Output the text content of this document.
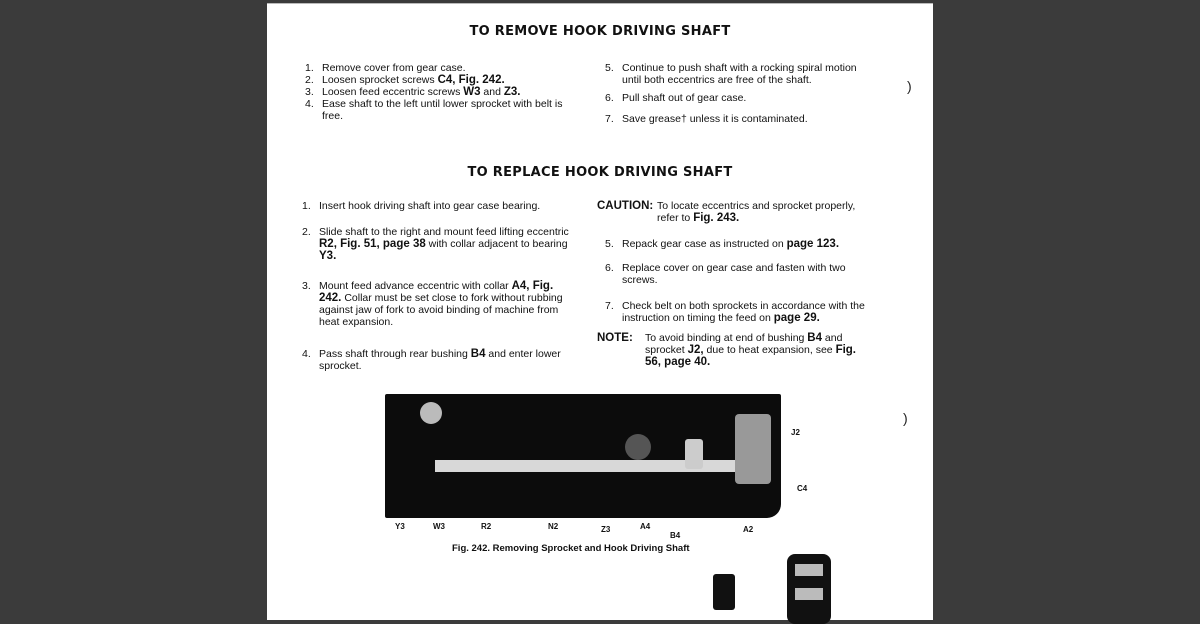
TO REMOVE HOOK DRIVING SHAFT
1. Remove cover from gear case.
2. Loosen sprocket screws C4, Fig. 242.
3. Loosen feed eccentric screws W3 and Z3.
4. Ease shaft to the left until lower sprocket with belt is free.
5. Continue to push shaft with a rocking spiral motion until both eccentrics are free of the shaft.
6. Pull shaft out of gear case.
7. Save grease† unless it is contaminated.
TO REPLACE HOOK DRIVING SHAFT
1. Insert hook driving shaft into gear case bearing.
2. Slide shaft to the right and mount feed lifting eccentric R2, Fig. 51, page 38 with collar adjacent to bearing Y3.
3. Mount feed advance eccentric with collar A4, Fig. 242. Collar must be set close to fork without rubbing against jaw of fork to avoid binding of machine from heat expansion.
4. Pass shaft through rear bushing B4 and enter lower sprocket.
CAUTION: To locate eccentrics and sprocket properly, refer to Fig. 243.
5. Repack gear case as instructed on page 123.
6. Replace cover on gear case and fasten with two screws.
7. Check belt on both sprockets in accordance with the instruction on timing the feed on page 29.
NOTE:	To avoid binding at end of bushing B4 and sprocket J2, due to heat expansion, see Fig. 56, page 40.
Y3	W3	R2	N2	Z3	A4
B4
A2
J2
C4
Fig. 242. Removing Sprocket and Hook Driving Shaft
)
)
